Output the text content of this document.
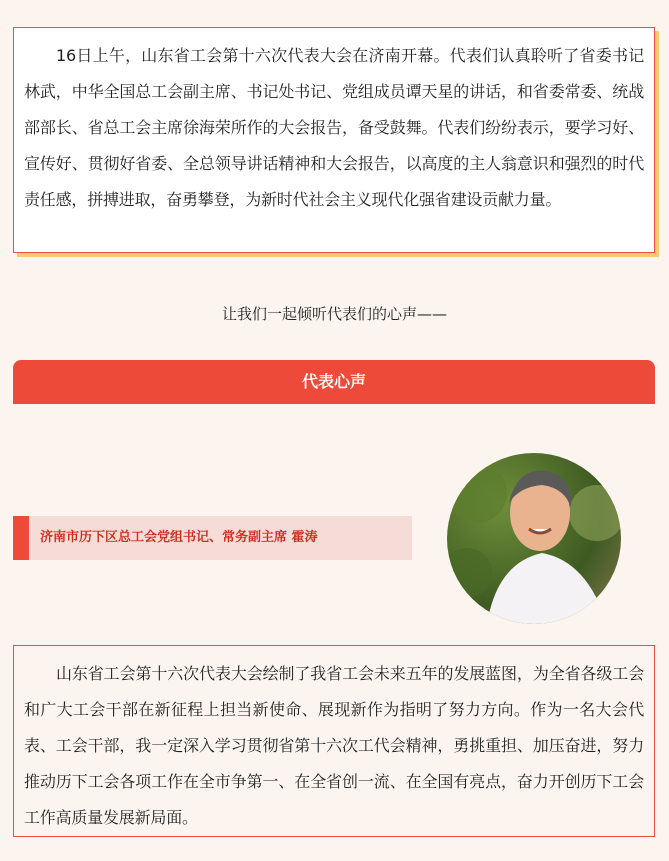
16日上午，山东省工会第十六次代表大会在济南开幕。代表们认真聆听了省委书记林武，中华全国总工会副主席、书记处书记、党组成员谭天星的讲话，和省委常委、统战部部长、省总工会主席徐海荣所作的大会报告，备受鼓舞。代表们纷纷表示，要学习好、宣传好、贯彻好省委、全总领导讲话精神和大会报告，以高度的主人翁意识和强烈的时代责任感，拼搏进取，奋勇攀登，为新时代社会主义现代化强省建设贡献力量。

让我们一起倾听代表们的心声——
代表心声
济南市历下区总工会党组书记、常务副主席 霍涛

山东省工会第十六次代表大会绘制了我省工会未来五年的发展蓝图，为全省各级工会和广大工会干部在新征程上担当新使命、展现新作为指明了努力方向。作为一名大会代表、工会干部，我一定深入学习贯彻省第十六次工代会精神，勇挑重担、加压奋进，努力推动历下工会各项工作在全市争第一、在全省创一流、在全国有亮点，奋力开创历下工会工作高质量发展新局面。
